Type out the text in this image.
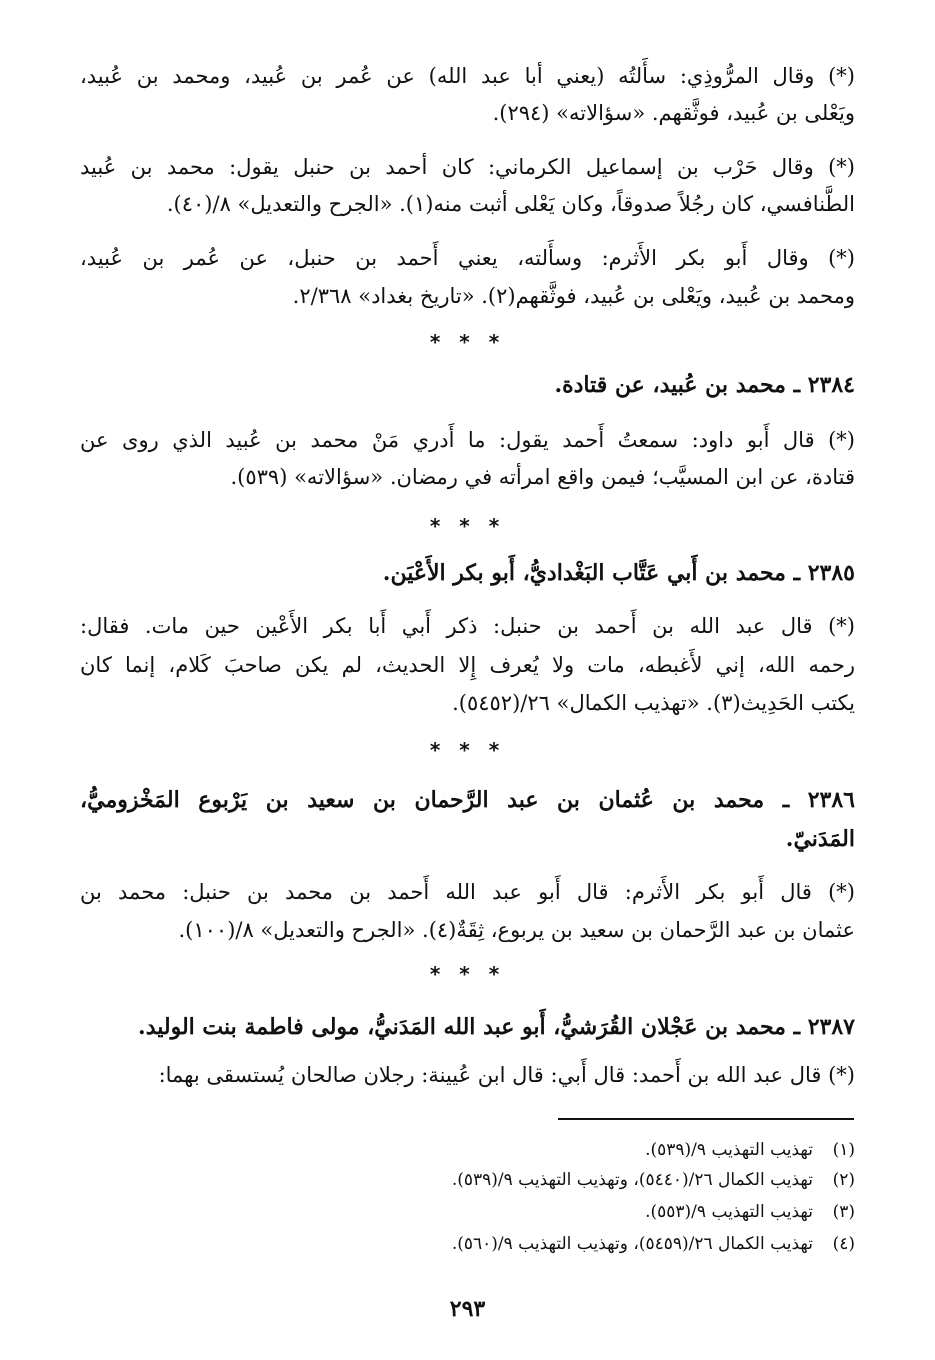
(*) وقال المرُّوذِي: سأَلتُه (يعني أبا عبد الله) عن عُمر بن عُبيد، ومحمد بن عُبيد،

ويَعْلى بن عُبيد، فوثَّقهم. «سؤالاته» (٢٩٤).

(*) وقال حَرْب بن إسماعيل الكرماني: كان أحمد بن حنبل يقول: محمد بن عُبيد

الطَّنافسي، كان رجُلاً صدوقاً، وكان يَعْلى أثبت منه(١). «الجرح والتعديل» ٨/(٤٠).

(*) وقال أَبو بكر الأَثرم: وسأَلته، يعني أَحمد بن حنبل، عن عُمر بن عُبيد،

ومحمد بن عُبيد، ويَعْلى بن عُبيد، فوثَّقهم(٢). «تاريخ بغداد» ٢/٣٦٨.

٢٣٨٤ ـ محمد بن عُبيد، عن قتادة.

(*) قال أَبو داود: سمعتُ أَحمد يقول: ما أَدري مَنْ محمد بن عُبيد الذي روى عن

قتادة، عن ابن المسيَّب؛ فيمن واقع امرأته في رمضان. «سؤالاته» (٥٣٩).

٢٣٨٥ ـ محمد بن أَبي عَتَّاب البَغْداديُّ، أَبو بكر الأَعْيَن.

(*) قال عبد الله بن أَحمد بن حنبل: ذكر أَبي أَبا بكر الأَعْين حين مات. فقال:

رحمه الله، إني لأَغبطه، مات ولا يُعرف إِلا الحديث، لم يكن صاحبَ كَلام، إنما كان

يكتب الحَدِيث(٣). «تهذيب الكمال» ٢٦/(٥٤٥٢).

٢٣٨٦ ـ محمد بن عُثمان بن عبد الرَّحمان بن سعيد بن يَرْبوع المَخْزوميُّ،

المَدَنيّ.

(*) قال أَبو بكر الأَثرم: قال أَبو عبد الله أَحمد بن محمد بن حنبل: محمد بن

عثمان بن عبد الرَّحمان بن سعيد بن يربوع، ثِقَةٌ(٤). «الجرح والتعديل» ٨/(١٠٠).

٢٣٨٧ ـ محمد بن عَجْلان القُرَشيُّ، أَبو عبد الله المَدَنيُّ، مولى فاطمة بنت الوليد.

(*) قال عبد الله بن أَحمد: قال أَبي: قال ابن عُيينة: رجلان صالحان يُستسقى بهما:

* * *
* * *
* * *
* * *

(١)تهذيب التهذيب ٩/(٥٣٩).

(٢)تهذيب الكمال ٢٦/(٥٤٤٠)، وتهذيب التهذيب ٩/(٥٣٩).

(٣)تهذيب التهذيب ٩/(٥٥٣).

(٤)تهذيب الكمال ٢٦/(٥٤٥٩)، وتهذيب التهذيب ٩/(٥٦٠).

٢٩٣
